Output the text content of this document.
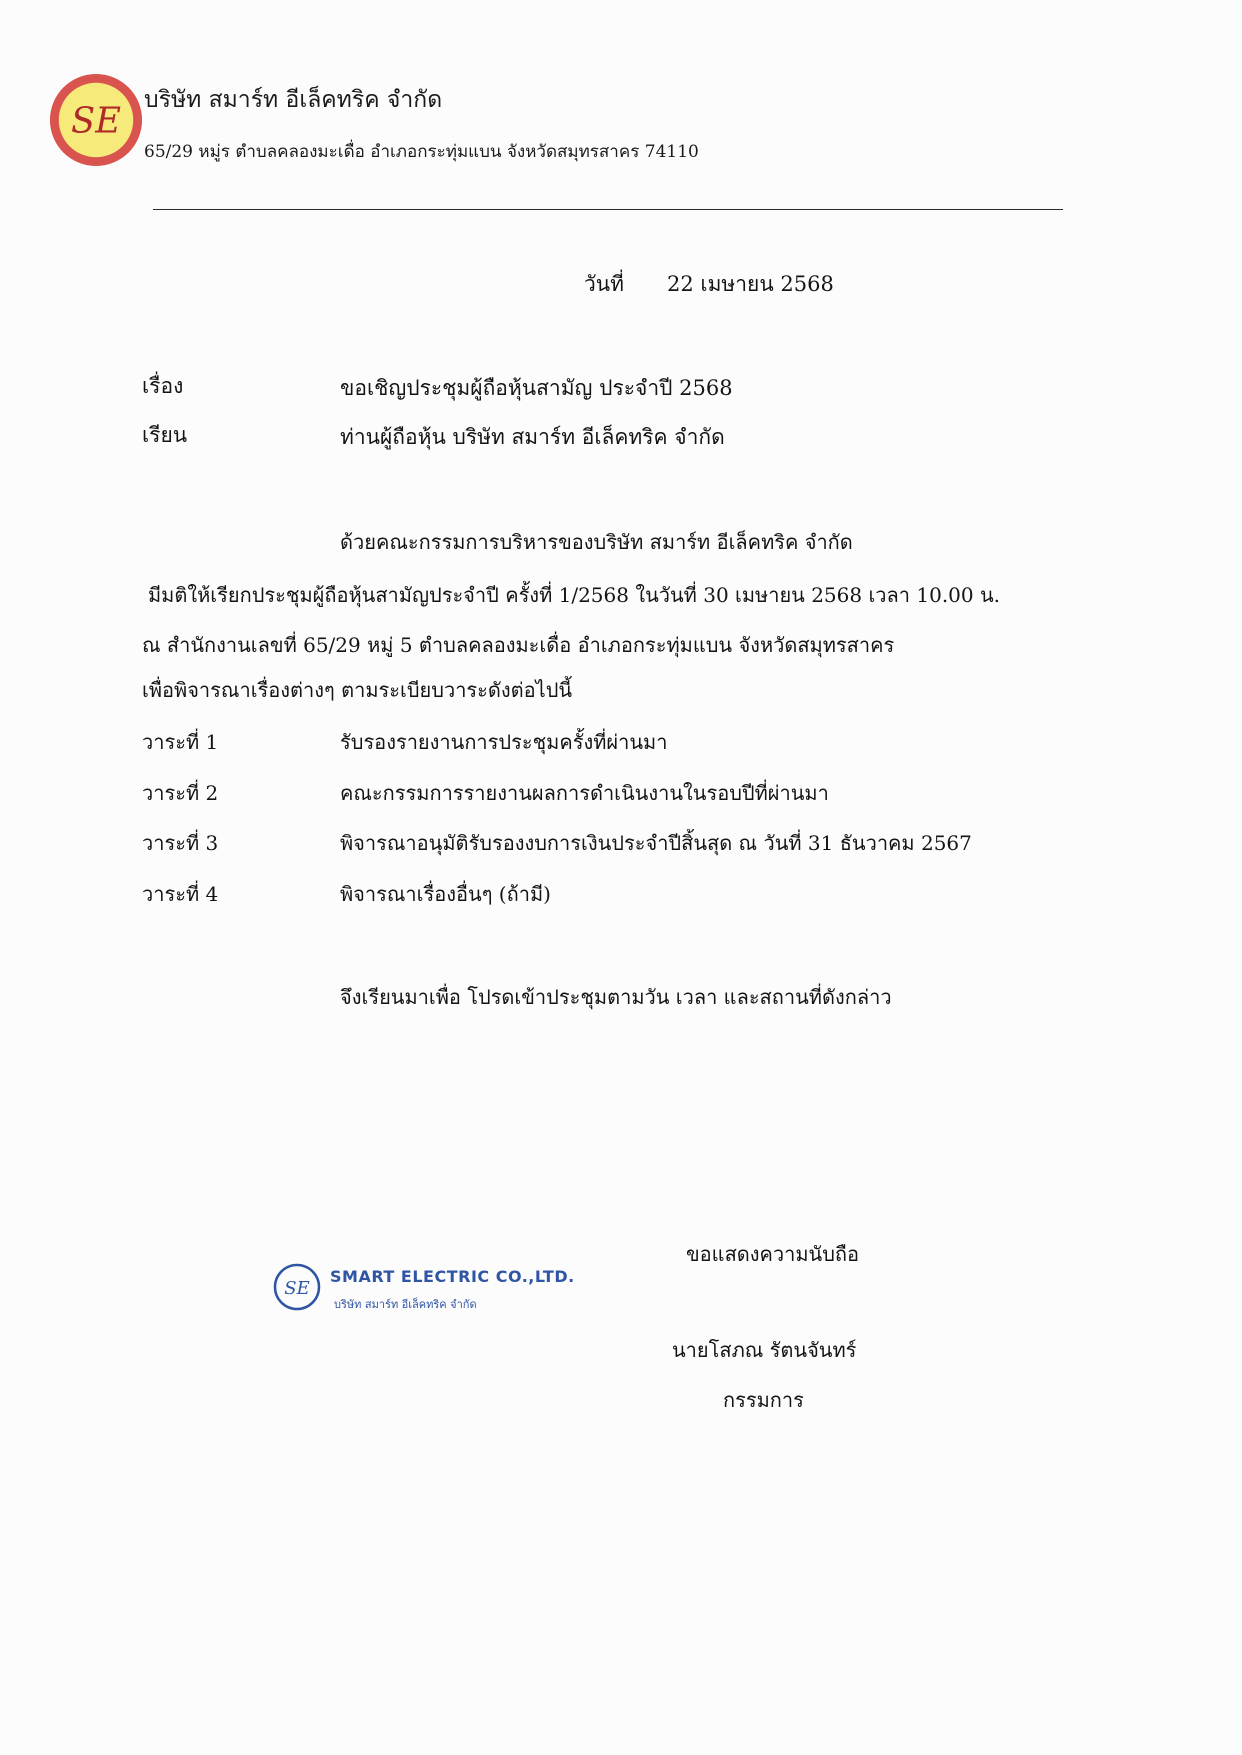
SE
บริษัท สมาร์ท อีเล็คทริค จำกัด
65/29 หมู่ร ตำบลคลองมะเดื่อ อำเภอกระทุ่มแบน จังหวัดสมุทรสาคร 74110
วันที่ 22 เมษายน 2568
เรื่อง	ขอเชิญประชุมผู้ถือหุ้นสามัญ ประจำปี 2568
เรียน	ท่านผู้ถือหุ้น บริษัท สมาร์ท อีเล็คทริค จำกัด
ด้วยคณะกรรมการบริหารของบริษัท สมาร์ท อีเล็คทริค จำกัด
มีมติให้เรียกประชุมผู้ถือหุ้นสามัญประจำปี ครั้งที่ 1/2568 ในวันที่ 30 เมษายน 2568 เวลา 10.00 น.
ณ สำนักงานเลขที่ 65/29 หมู่ 5 ตำบลคลองมะเดื่อ อำเภอกระทุ่มแบน จังหวัดสมุทรสาคร
เพื่อพิจารณาเรื่องต่างๆ ตามระเบียบวาระดังต่อไปนี้
วาระที่ 1	รับรองรายงานการประชุมครั้งที่ผ่านมา
วาระที่ 2	คณะกรรมการรายงานผลการดำเนินงานในรอบปีที่ผ่านมา
วาระที่ 3	พิจารณาอนุมัติรับรองงบการเงินประจำปีสิ้นสุด ณ วันที่ 31 ธันวาคม 2567
วาระที่ 4	พิจารณาเรื่องอื่นๆ (ถ้ามี)
จึงเรียนมาเพื่อ โปรดเข้าประชุมตามวัน เวลา และสถานที่ดังกล่าว
ขอแสดงความนับถือ
นายโสภณ รัตนจันทร์
กรรมการ
SE
SMART ELECTRIC CO.,LTD.
บริษัท สมาร์ท อีเล็คทริค จำกัด
